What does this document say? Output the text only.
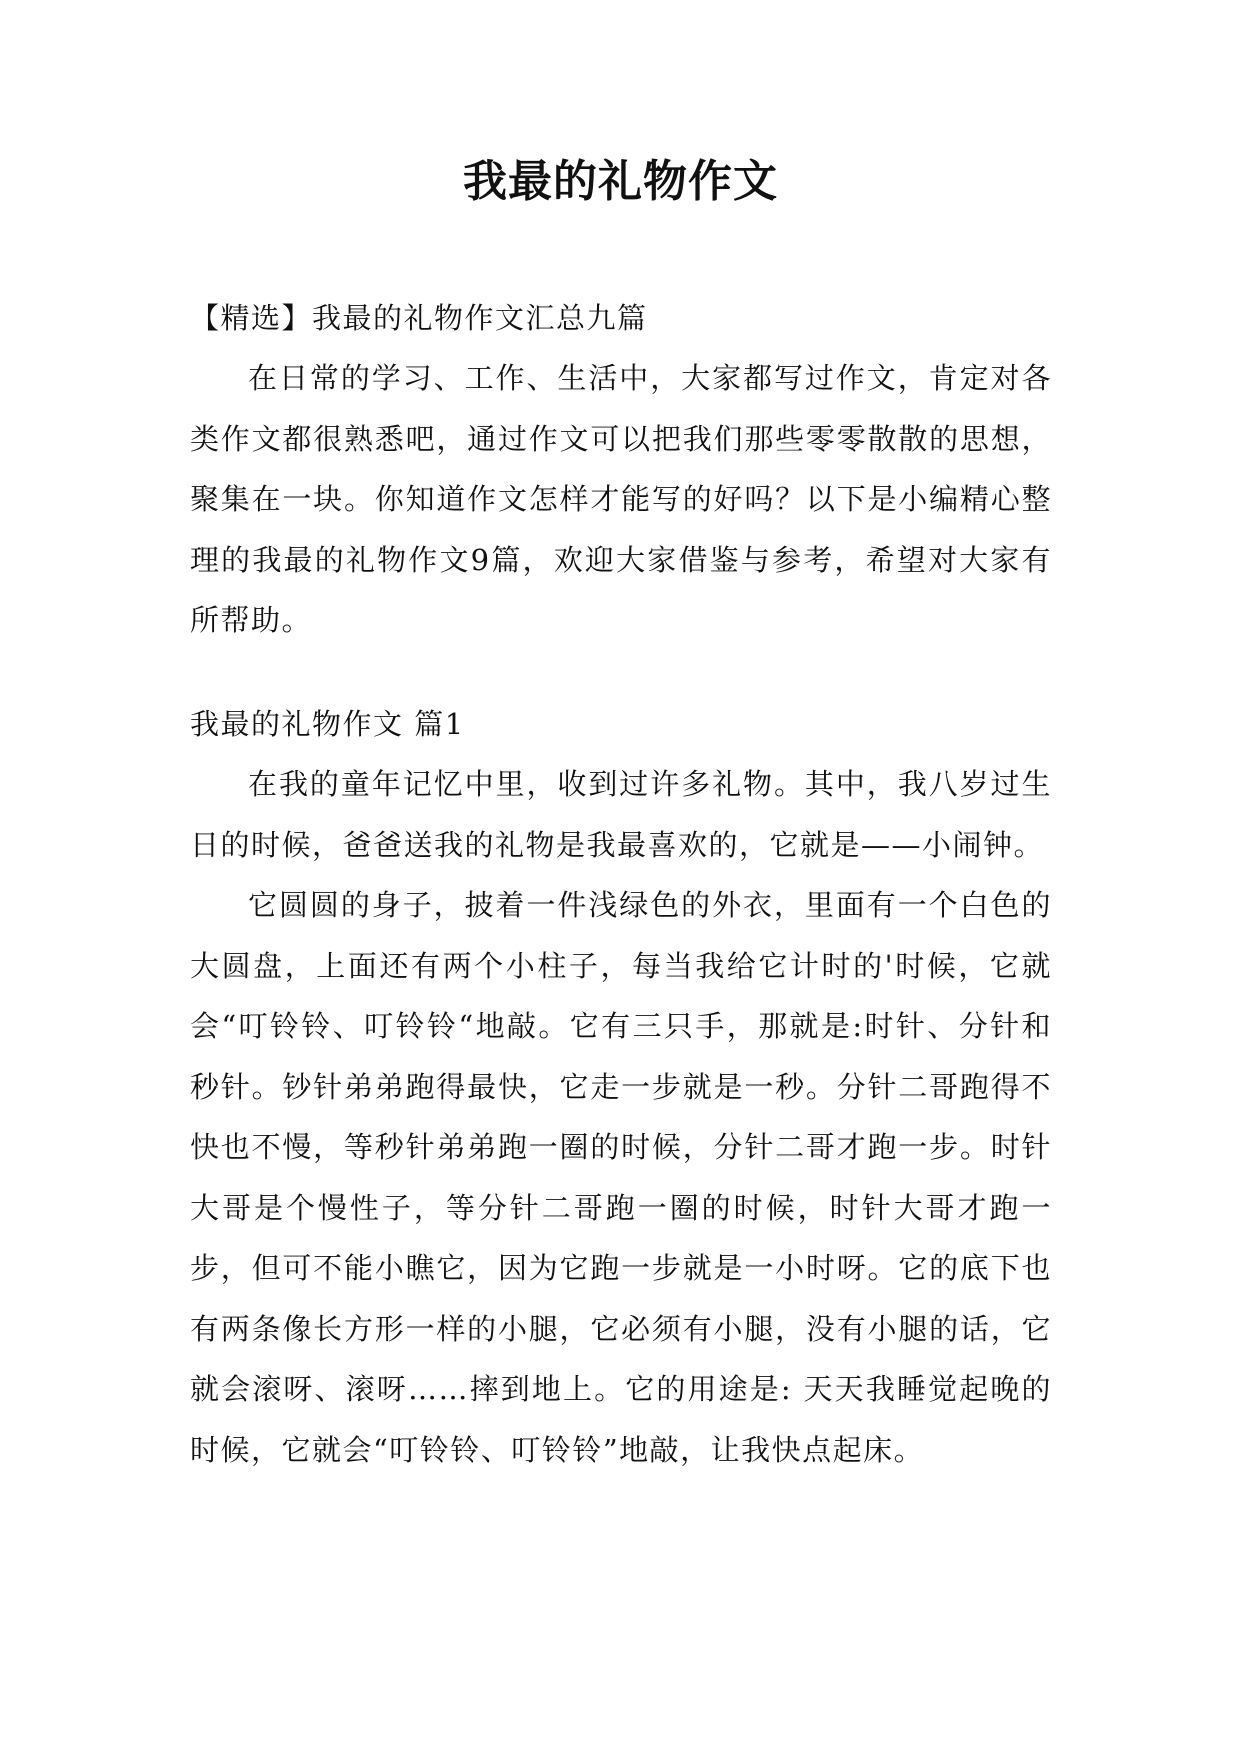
我最的礼物作文

【精选】我最的礼物作文汇总九篇

在日常的学习、工作、生活中，大家都写过作文，肯定对各类作文都很熟悉吧，通过作文可以把我们那些零零散散的思想，聚集在一块。你知道作文怎样才能写的好吗？以下是小编精心整理的我最的礼物作文9篇，欢迎大家借鉴与参考，希望对大家有所帮助。

我最的礼物作文 篇1

在我的童年记忆中里，收到过许多礼物。其中，我八岁过生日的时候，爸爸送我的礼物是我最喜欢的，它就是——小闹钟。

它圆圆的身子，披着一件浅绿色的外衣，里面有一个白色的大圆盘，上面还有两个小柱子，每当我给它计时的'时候，它就会“叮铃铃、叮铃铃“地敲。它有三只手，那就是:时针、分针和秒针。钞针弟弟跑得最快，它走一步就是一秒。分针二哥跑得不快也不慢，等秒针弟弟跑一圈的时候，分针二哥才跑一步。时针大哥是个慢性子，等分针二哥跑一圈的时候，时针大哥才跑一步，但可不能小瞧它，因为它跑一步就是一小时呀。它的底下也有两条像长方形一样的小腿，它必须有小腿，没有小腿的话，它就会滚呀、滚呀……摔到地上。它的用途是: 天天我睡觉起晚的时候，它就会“叮铃铃、叮铃铃”地敲，让我快点起床。
